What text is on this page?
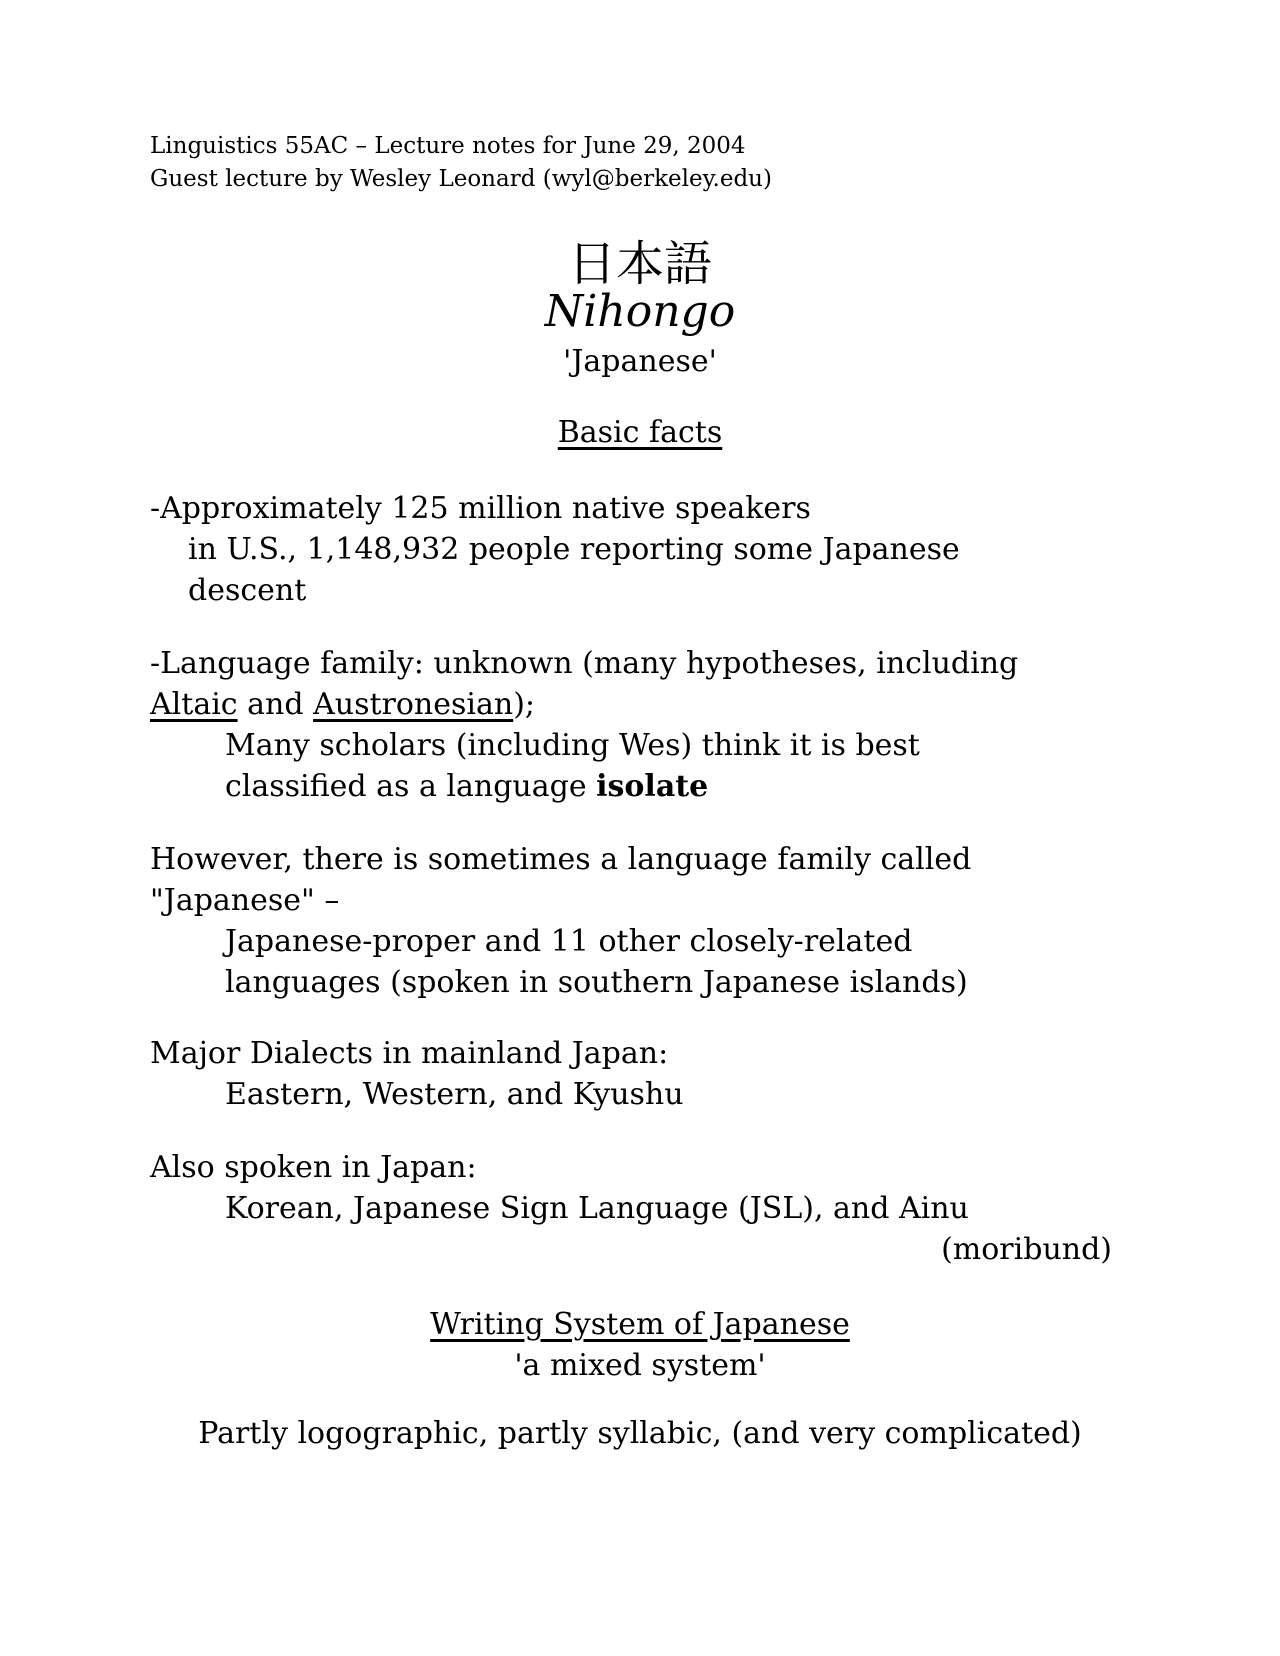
Linguistics 55AC – Lecture notes for June 29, 2004
Guest lecture by Wesley Leonard (wyl@berkeley.edu)
日本語
Nihongo
'Japanese'
Basic facts
-Approximately 125 million native speakers
in U.S., 1,148,932 people reporting some Japanese
descent
-Language family: unknown (many hypotheses, including
Altaic and Austronesian);
Many scholars (including Wes) think it is best
classified as a language isolate
However, there is sometimes a language family called
"Japanese" –
Japanese-proper and 11 other closely-related
languages (spoken in southern Japanese islands)
Major Dialects in mainland Japan:
Eastern, Western, and Kyushu
Also spoken in Japan:
Korean, Japanese Sign Language (JSL), and Ainu
(moribund)
Writing System of Japanese
'a mixed system'
Partly logographic, partly syllabic, (and very complicated)
